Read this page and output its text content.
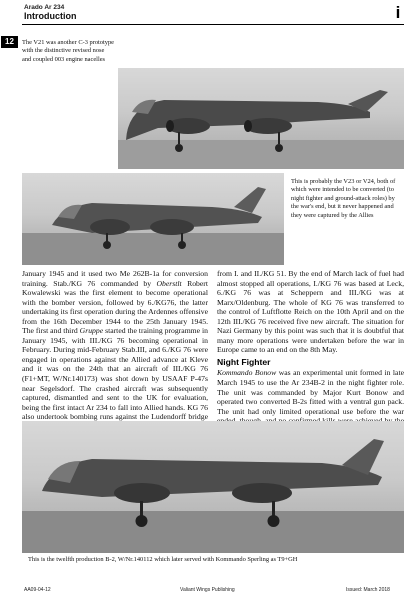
Arado Ar 234
Introduction	i
12	The V21 was another C-3 prototype with the distinctive revised nose and coupled 003 engine nacelles
This is probably the V23 or V24, both of which were intended to be converted (to night fighter and ground-attack roles) by the war's end, but it never happened and they were captured by the Allies

January 1945 and it used two Me 262B-1a for conversion training. Stab./KG 76 commanded by Oberstlt Robert Kowalewski was the first element to become operational with the bomber version, followed by 6./KG76, the latter undertaking its first operation during the Ardennes offensive from the 16th December 1944 to the 25th January 1945. The first and third Gruppe started the training programme in January 1945, with III./KG 76 becoming operational in February. During mid-February Stab.III, and 6./KG 76 were engaged in operations against the Allied advance at Kleve and it was on the 24th that an aircraft of III./KG 76 (F1+MT, W/Nr.140173) was shot down by USAAF P-47s near Segelsdorf. The crashed aircraft was subsequently captured, dismantled and sent to the UK for evaluation, being the first intact Ar 234 to fall into Allied hands. KG 76 also undertook bombing runs against the Ludendorff bridge

from I. and II./KG 51. By the end of March lack of fuel had almost stopped all operations, I./KG 76 was based at Leck, 6./KG 76 was at Scheppern and III./KG was at Marx/Oldenburg. The whole of KG 76 was transferred to the control of Luftflotte Reich on the 10th April and on the 12th III./KG 76 received five new aircraft. The situation for Nazi Germany by this point was such that it is doubtful that many more operations were undertaken before the war in Europe came to an end on the 8th May.

Night Fighter

Kommando Bonow was an experimental unit formed in late March 1945 to use the Ar 234B-2 in the night fighter role. The unit was commanded by Major Kurt Bonow and operated two converted B-2s fitted with a ventral gun pack. The unit had only limited operational use before the war

This is the twelfth production B-2, W/Nr.140112 which later served with Kommando Sperling as T9+GH
AA09-04-12	Valiant Wings Publishing	Issued: March 2018
